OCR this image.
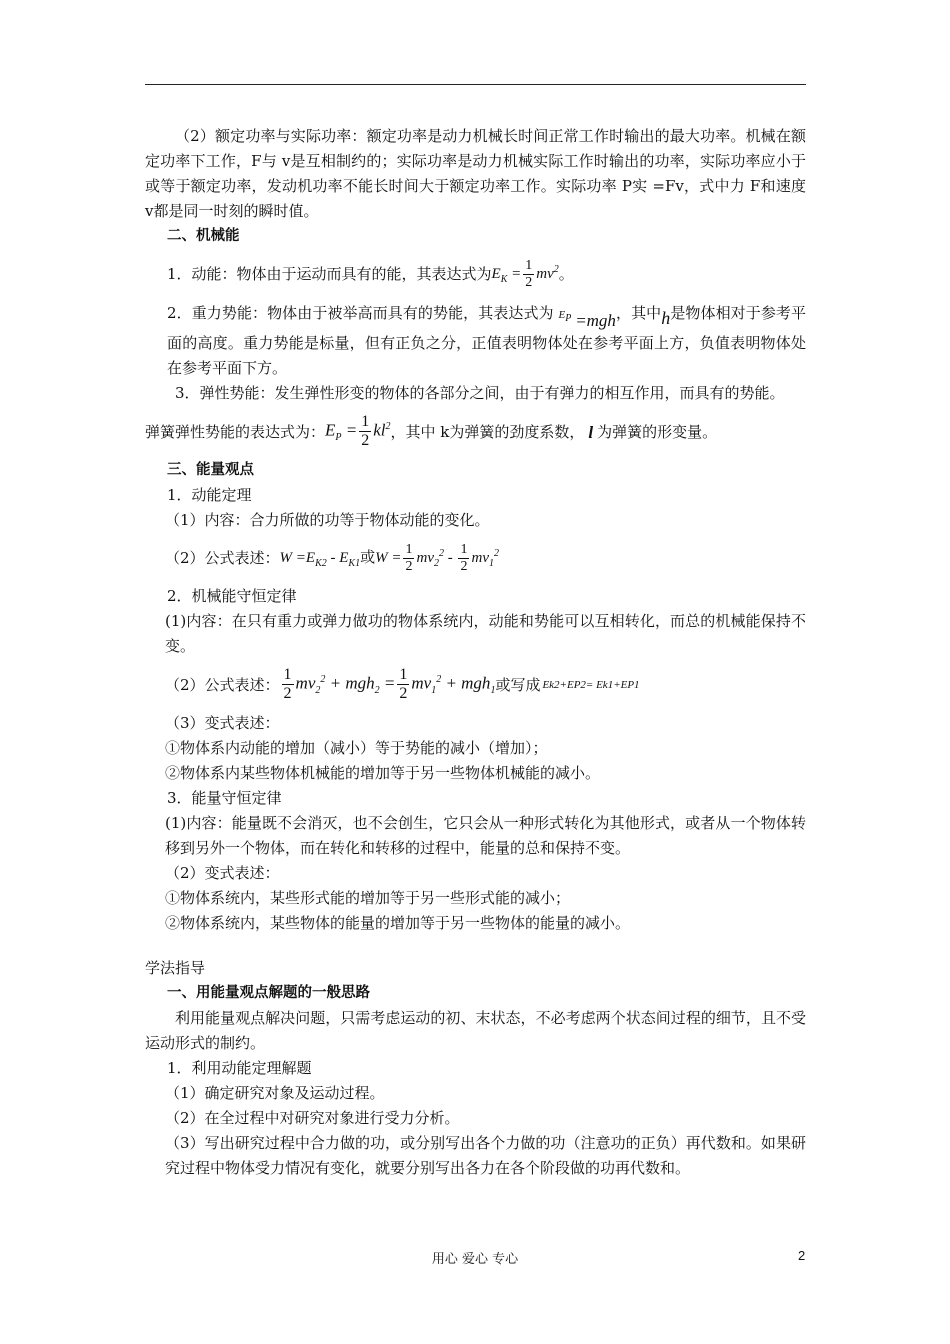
（2）额定功率与实际功率：额定功率是动力机械长时间正常工作时输出的最大功率。机械在额定功率下工作，F与 v是互相制约的；实际功率是动力机械实际工作时输出的功率，实际功率应小于或等于额定功率，发动机功率不能长时间大于额定功率工作。实际功率 P实 =Fv，式中力 F和速度 v都是同一时刻的瞬时值。

二、机械能

1．动能：物体由于运动而具有的能，其表达式为 $E_K = \frac{1}{2} mv^2$ 。

2．重力势能：物体由于被举高而具有的势能，其表达式为 $E_P =mgh$，其中h是物体相对于参考平面的高度。重力势能是标量，但有正负之分，正值表明物体处在参考平面上方，负值表明物体处在参考平面下方。

3．弹性势能：发生弹性形变的物体的各部分之间，由于有弹力的相互作用，而具有的势能。

弹簧弹性势能的表达式为： $E_P = \frac{1}{2} kl^2$ ，其中 k为弹簧的劲度系数， l 为弹簧的形变量。

三、能量观点

1．动能定理

（1）内容：合力所做的功等于物体动能的变化。

（2）公式表述： $W =E_{K2} - E_{K1}$或$W = \frac{1}{2} mv_2^2 - \frac{1}{2} mv_1^2$

2．机械能守恒定律

(1)内容：在只有重力或弹力做功的物体系统内，动能和势能可以互相转化，而总的机械能保持不变。

（2）公式表述： $\frac{1}{2} mv_2^2 + mgh_2 = \frac{1}{2} mv_1^2 + mgh_1$ 或写成 Ek2+EP2= Ek1+EP1

（3）变式表述：

①物体系内动能的增加（减小）等于势能的减小（增加）；

②物体系内某些物体机械能的增加等于另一些物体机械能的减小。

3．能量守恒定律

(1)内容：能量既不会消灭，也不会创生，它只会从一种形式转化为其他形式，或者从一个物体转移到另外一个物体，而在转化和转移的过程中，能量的总和保持不变。

（2）变式表述：

①物体系统内，某些形式能的增加等于另一些形式能的减小；

②物体系统内，某些物体的能量的增加等于另一些物体的能量的减小。

学法指导

一、用能量观点解题的一般思路

利用能量观点解决问题，只需考虑运动的初、末状态，不必考虑两个状态间过程的细节，且不受运动形式的制约。

1．利用动能定理解题

（1）确定研究对象及运动过程。

（2）在全过程中对研究对象进行受力分析。

（3）写出研究过程中合力做的功，或分别写出各个力做的功（注意功的正负）再代数和。如果研究过程中物体受力情况有变化，就要分别写出各力在各个阶段做的功再代数和。

用心 爱心 专心	2
